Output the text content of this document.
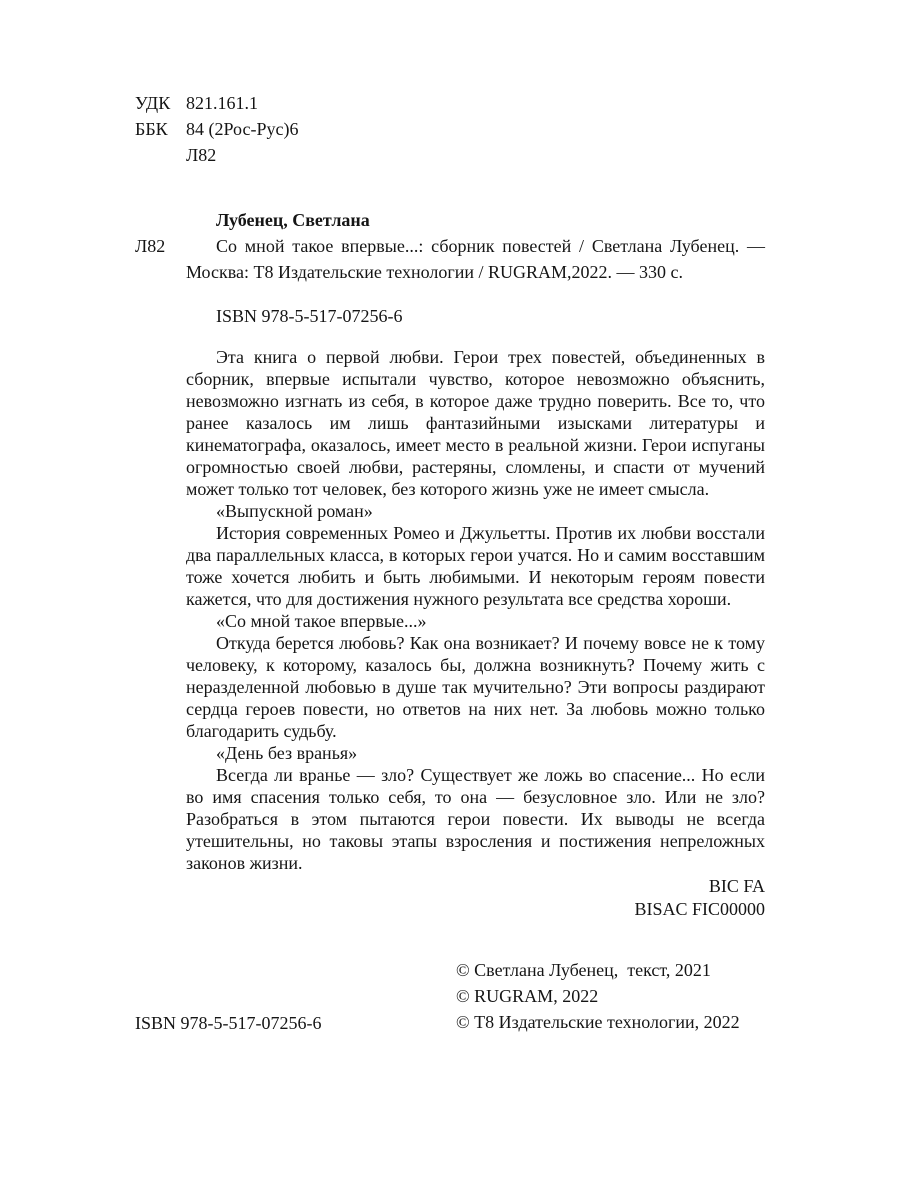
УДК 821.161.1
ББК 84 (2Рос-Рус)6
Л82
Лубенец, Светлана

Л82	Со мной такое впервые...: сборник повестей / Светлана Лубенец. — Москва: Т8 Издательские технологии / RUGRAM,2022. — 330 с.

ISBN 978-5-517-07256-6

Эта книга о первой любви. Герои трех повестей, объединенных в сборник, впервые испытали чувство, которое невозможно объяснить, невозможно изгнать из себя, в которое даже трудно поверить. Все то, что ранее казалось им лишь фантазийными изысками литературы и кинематографа, оказалось, имеет место в реальной жизни. Герои испуганы огромностью своей любви, растеряны, сломлены, и спасти от мучений может только тот человек, без которого жизнь уже не имеет смысла.

«Выпускной роман»

История современных Ромео и Джульетты. Против их любви восстали два параллельных класса, в которых герои учатся. Но и самим восставшим тоже хочется любить и быть любимыми. И некоторым героям повести кажется, что для достижения нужного результата все средства хороши.

«Со мной такое впервые...»

Откуда берется любовь? Как она возникает? И почему вовсе не к тому человеку, к которому, казалось бы, должна возникнуть? Почему жить с неразделенной любовью в душе так мучительно? Эти вопросы раздирают сердца героев повести, но ответов на них нет. За любовь можно только благодарить судьбу.

«День без вранья»

Всегда ли вранье — зло? Существует же ложь во спасение... Но если во имя спасения только себя, то она — безусловное зло. Или не зло? Разобраться в этом пытаются герои повести. Их выводы не всегда утешительны, но таковы этапы взросления и постижения непреложных законов жизни.

BIC FA
BISAC FIC00000
© Светлана Лубенец,  текст, 2021
© RUGRAM, 2022
© Т8 Издательские технологии, 2022
ISBN 978-5-517-07256-6
